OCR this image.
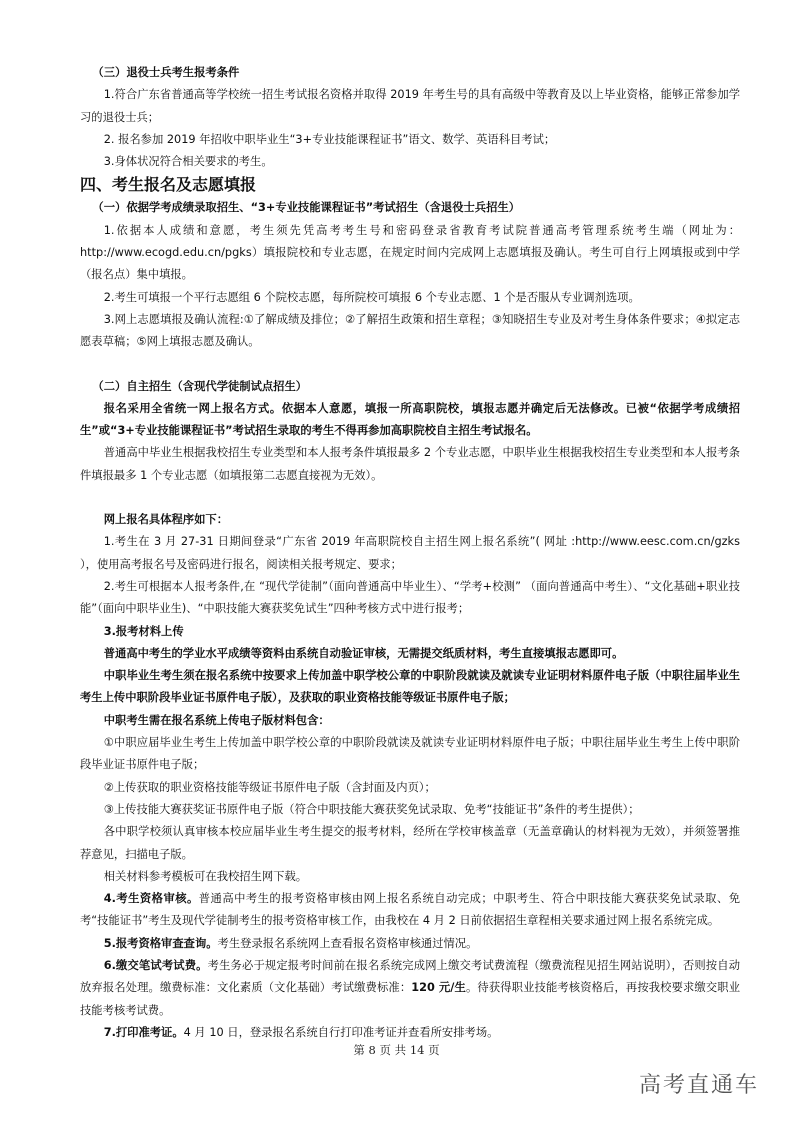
（三）退役士兵考生报考条件

1.符合广东省普通高等学校统一招生考试报名资格并取得 2019 年考生号的具有高级中等教育及以上毕业资格，能够正常参加学习的退役士兵；

2. 报名参加 2019 年招收中职毕业生“3+专业技能课程证书”语文、数学、英语科目考试；

3.身体状况符合相关要求的考生。

四、考生报名及志愿填报

（一）依据学考成绩录取招生、“3+专业技能课程证书”考试招生（含退役士兵招生）

1.依据本人成绩和意愿，考生须先凭高考考生号和密码登录省教育考试院普通高考管理系统考生端（网址为：http://www.ecogd.edu.cn/pgks）填报院校和专业志愿，在规定时间内完成网上志愿填报及确认。考生可自行上网填报或到中学（报名点）集中填报。

2.考生可填报一个平行志愿组 6 个院校志愿，每所院校可填报 6 个专业志愿、1 个是否服从专业调剂选项。

3.网上志愿填报及确认流程:①了解成绩及排位；②了解招生政策和招生章程；③知晓招生专业及对考生身体条件要求；④拟定志愿表草稿；⑤网上填报志愿及确认。

（二）自主招生（含现代学徒制试点招生）

报名采用全省统一网上报名方式。依据本人意愿，填报一所高职院校，填报志愿并确定后无法修改。已被“依据学考成绩招生”或“3+专业技能课程证书”考试招生录取的考生不得再参加高职院校自主招生考试报名。

普通高中毕业生根据我校招生专业类型和本人报考条件填报最多 2 个专业志愿，中职毕业生根据我校招生专业类型和本人报考条件填报最多 1 个专业志愿（如填报第二志愿直接视为无效）。

网上报名具体程序如下：

1.考生在 3 月 27-31 日期间登录“广东省 2019 年高职院校自主招生网上报名系统”( 网址 :http://www.eesc.com.cn/gzks ），使用高考报名号及密码进行报名，阅读相关报考规定、要求；

2.考生可根据本人报考条件,在 “现代学徒制”（面向普通高中毕业生）、“学考+校测” （面向普通高中考生）、“文化基础+职业技能”（面向中职毕业生)、“中职技能大赛获奖免试生”四种考核方式中进行报考；

3.报考材料上传

普通高中考生的学业水平成绩等资料由系统自动验证审核，无需提交纸质材料，考生直接填报志愿即可。

中职毕业生考生须在报名系统中按要求上传加盖中职学校公章的中职阶段就读及就读专业证明材料原件电子版（中职往届毕业生考生上传中职阶段毕业证书原件电子版），及获取的职业资格技能等级证书原件电子版；

中职考生需在报名系统上传电子版材料包含：

①中职应届毕业生考生上传加盖中职学校公章的中职阶段就读及就读专业证明材料原件电子版；中职往届毕业生考生上传中职阶段毕业证书原件电子版；

②上传获取的职业资格技能等级证书原件电子版（含封面及内页）；

③上传技能大赛获奖证书原件电子版（符合中职技能大赛获奖免试录取、免考“技能证书”条件的考生提供）；

各中职学校须认真审核本校应届毕业生考生提交的报考材料，经所在学校审核盖章（无盖章确认的材料视为无效），并须签署推荐意见，扫描电子版。

相关材料参考模板可在我校招生网下载。

4.考生资格审核。普通高中考生的报考资格审核由网上报名系统自动完成；中职考生、符合中职技能大赛获奖免试录取、免考“技能证书”考生及现代学徒制考生的报考资格审核工作，由我校在 4 月 2 日前依据招生章程相关要求通过网上报名系统完成。

5.报考资格审查查询。考生登录报名系统网上查看报名资格审核通过情况。

6.缴交笔试考试费。考生务必于规定报考时间前在报名系统完成网上缴交考试费流程（缴费流程见招生网站说明），否则按自动放弃报名处理。缴费标准：文化素质（文化基础）考试缴费标准：120 元/生。待获得职业技能考核资格后，再按我校要求缴交职业技能考核考试费。

7.打印准考证。4 月 10 日，登录报名系统自行打印准考证并查看所安排考场。

第 8 页 共 14 页
高考直通车
